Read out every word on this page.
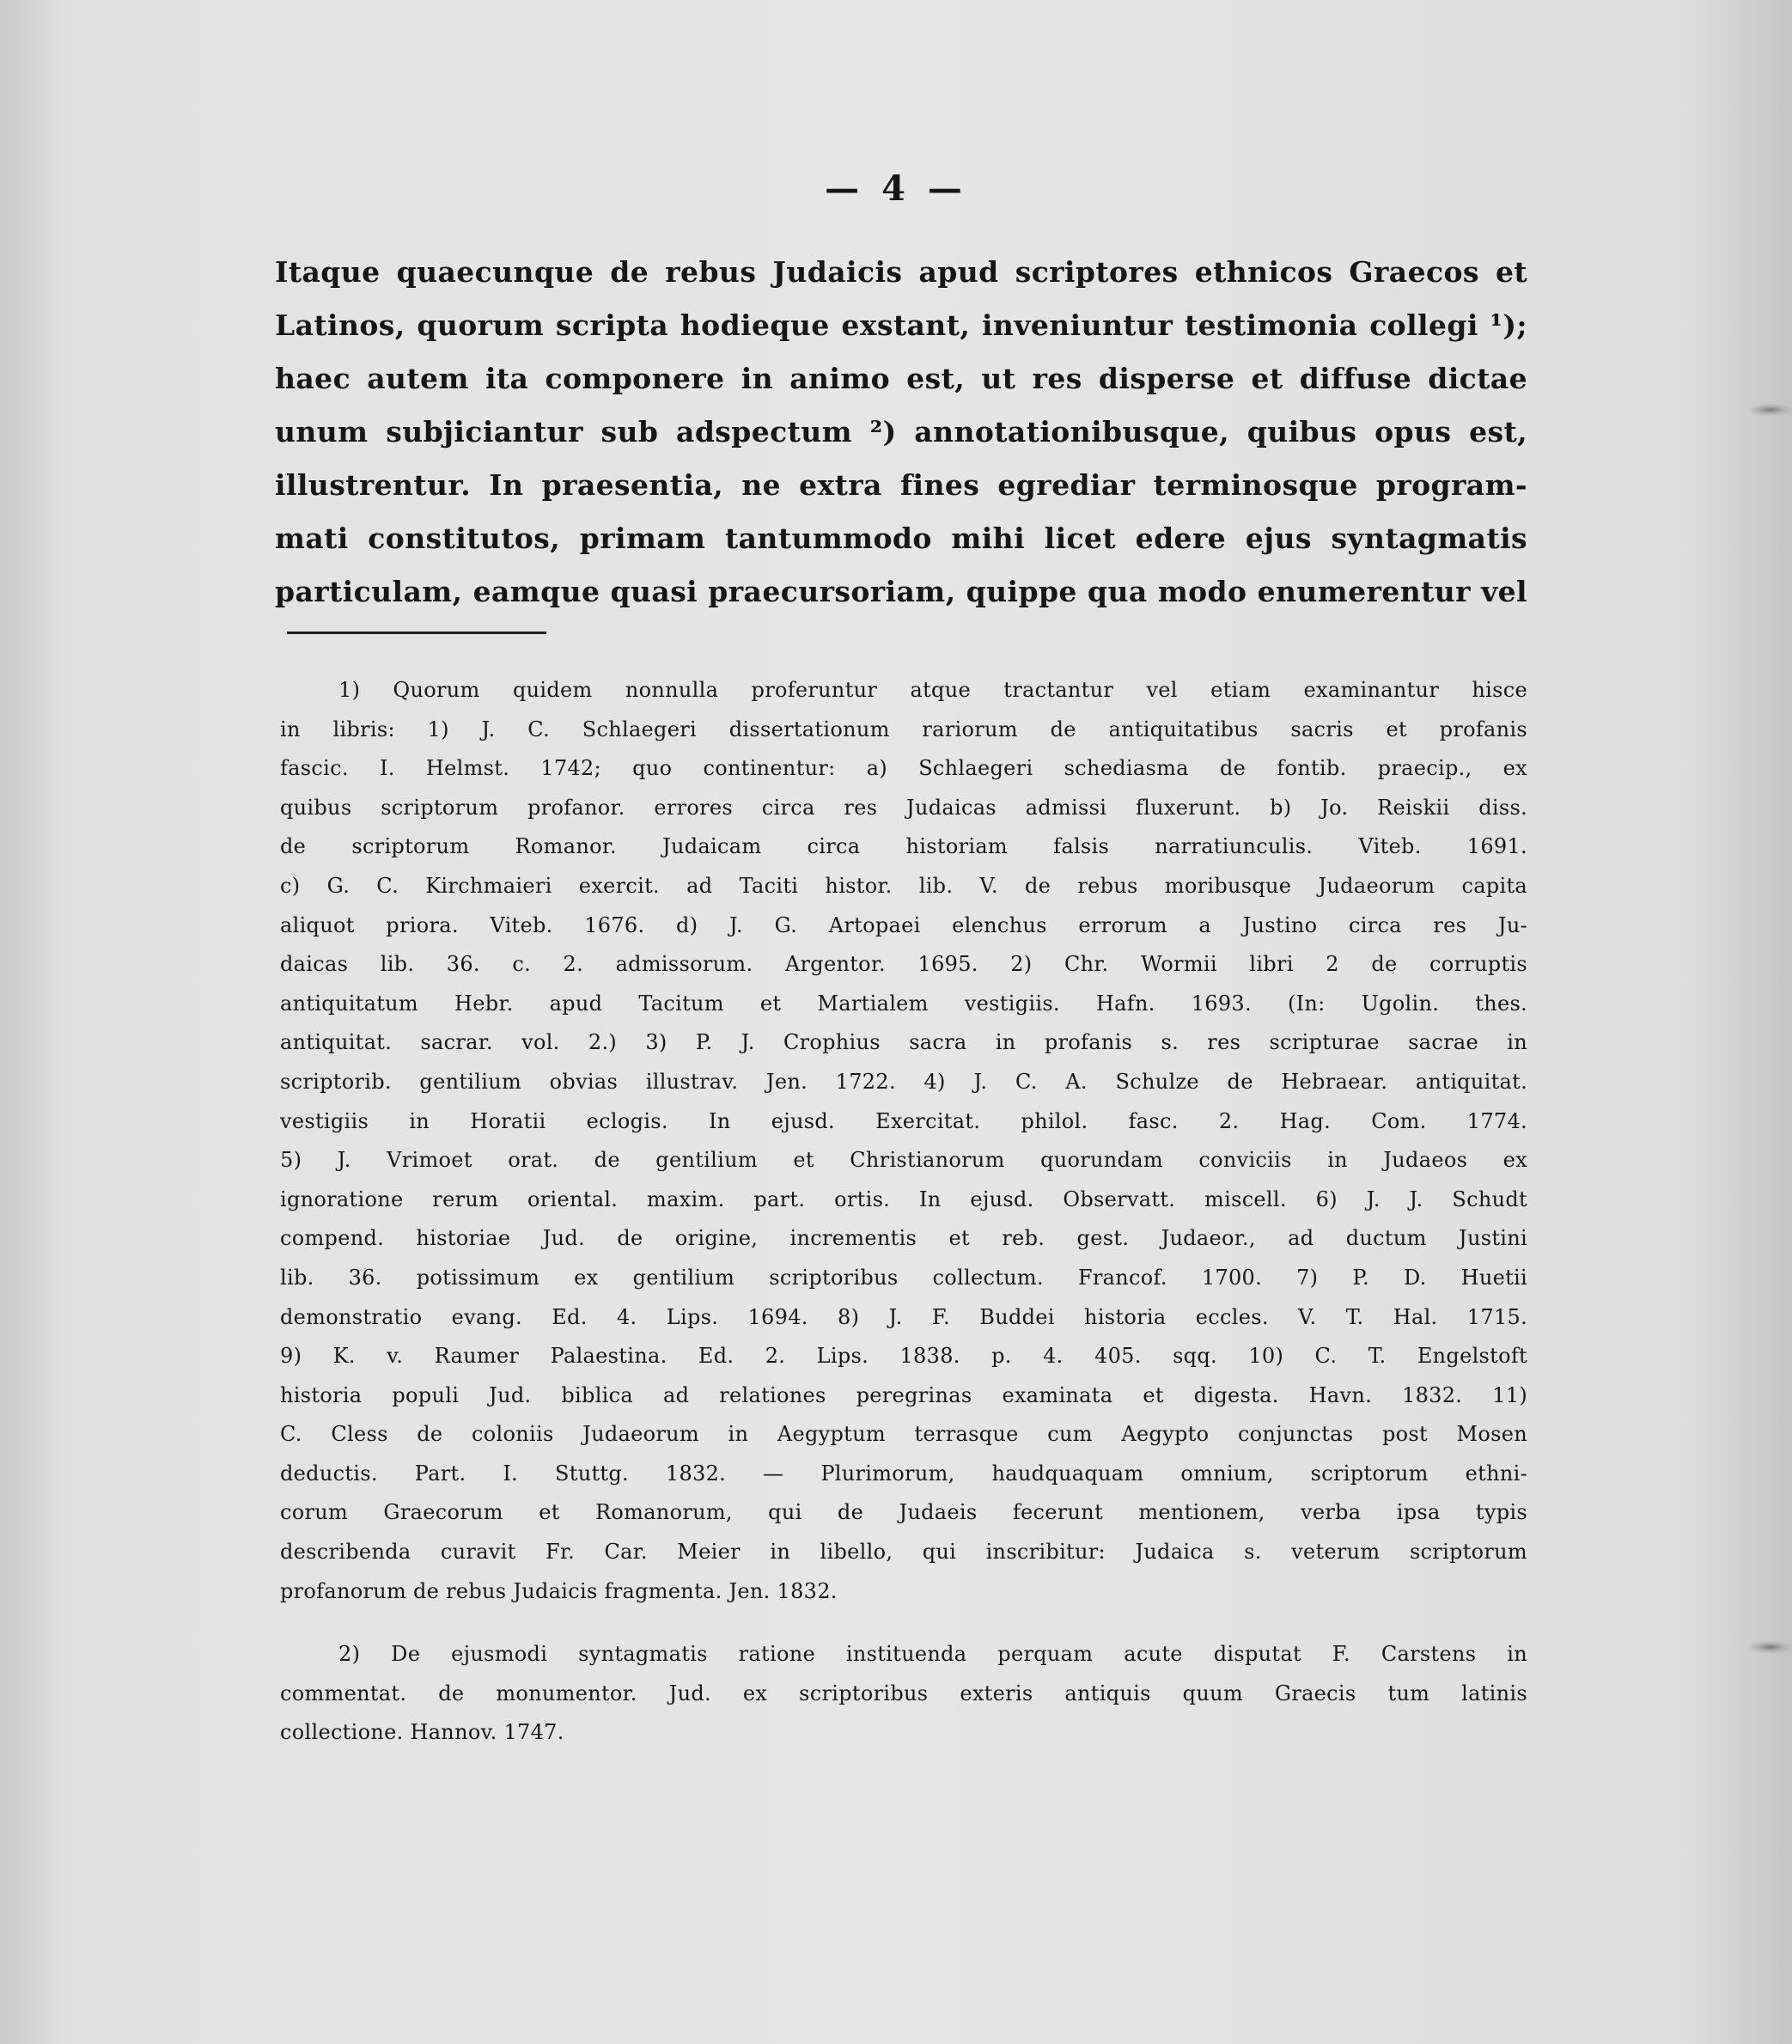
— 4 —
Itaque quaecunque de rebus Judaicis apud scriptores ethnicos Graecos et
Latinos, quorum scripta hodieque exstant, inveniuntur testimonia collegi ¹);
haec autem ita componere in animo est, ut res disperse et diffuse dictae
unum subjiciantur sub adspectum ²) annotationibusque, quibus opus est,
illustrentur. In praesentia, ne extra fines egrediar terminosque program-
mati constitutos, primam tantummodo mihi licet edere ejus syntagmatis
particulam, eamque quasi praecursoriam, quippe qua modo enumerentur vel
1) Quorum quidem nonnulla proferuntur atque tractantur vel etiam examinantur hisce
in libris: 1) J. C. Schlaegeri dissertationum rariorum de antiquitatibus sacris et profanis
fascic. I. Helmst. 1742; quo continentur: a) Schlaegeri schediasma de fontib. praecip., ex
quibus scriptorum profanor. errores circa res Judaicas admissi fluxerunt. b) Jo. Reiskii diss.
de scriptorum Romanor. Judaicam circa historiam falsis narratiunculis. Viteb. 1691.
c) G. C. Kirchmaieri exercit. ad Taciti histor. lib. V. de rebus moribusque Judaeorum capita
aliquot priora. Viteb. 1676. d) J. G. Artopaei elenchus errorum a Justino circa res Ju-
daicas lib. 36. c. 2. admissorum. Argentor. 1695. 2) Chr. Wormii libri 2 de corruptis
antiquitatum Hebr. apud Tacitum et Martialem vestigiis. Hafn. 1693. (In: Ugolin. thes.
antiquitat. sacrar. vol. 2.) 3) P. J. Crophius sacra in profanis s. res scripturae sacrae in
scriptorib. gentilium obvias illustrav. Jen. 1722. 4) J. C. A. Schulze de Hebraear. antiquitat.
vestigiis in Horatii eclogis. In ejusd. Exercitat. philol. fasc. 2. Hag. Com. 1774.
5) J. Vrimoet orat. de gentilium et Christianorum quorundam conviciis in Judaeos ex
ignoratione rerum oriental. maxim. part. ortis. In ejusd. Observatt. miscell. 6) J. J. Schudt
compend. historiae Jud. de origine, incrementis et reb. gest. Judaeor., ad ductum Justini
lib. 36. potissimum ex gentilium scriptoribus collectum. Francof. 1700. 7) P. D. Huetii
demonstratio evang. Ed. 4. Lips. 1694. 8) J. F. Buddei historia eccles. V. T. Hal. 1715.
9) K. v. Raumer Palaestina. Ed. 2. Lips. 1838. p. 4. 405. sqq. 10) C. T. Engelstoft
historia populi Jud. biblica ad relationes peregrinas examinata et digesta. Havn. 1832. 11)
C. Cless de coloniis Judaeorum in Aegyptum terrasque cum Aegypto conjunctas post Mosen
deductis. Part. I. Stuttg. 1832. — Plurimorum, haudquaquam omnium, scriptorum ethni-
corum Graecorum et Romanorum, qui de Judaeis fecerunt mentionem, verba ipsa typis
describenda curavit Fr. Car. Meier in libello, qui inscribitur: Judaica s. veterum scriptorum
profanorum de rebus Judaicis fragmenta. Jen. 1832.
2) De ejusmodi syntagmatis ratione instituenda perquam acute disputat F. Carstens in
commentat. de monumentor. Jud. ex scriptoribus exteris antiquis quum Graecis tum latinis
collectione. Hannov. 1747.
